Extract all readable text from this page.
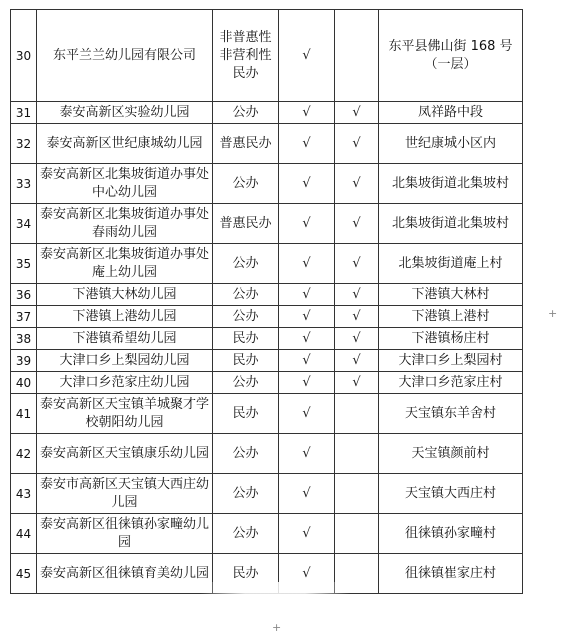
30	东平兰兰幼儿园有限公司	非普惠性非营利性民办	√		东平县佛山街 168 号（一层）
31	泰安高新区实验幼儿园	公办	√	√	凤祥路中段
32	泰安高新区世纪康城幼儿园	普惠民办	√	√	世纪康城小区内
33	泰安高新区北集坡街道办事处中心幼儿园	公办	√	√	北集坡街道北集坡村
34	泰安高新区北集坡街道办事处春雨幼儿园	普惠民办	√	√	北集坡街道北集坡村
35	泰安高新区北集坡街道办事处庵上幼儿园	公办	√	√	北集坡街道庵上村
36	下港镇大林幼儿园	公办	√	√	下港镇大林村
37	下港镇上港幼儿园	公办	√	√	下港镇上港村
38	下港镇希望幼儿园	民办	√	√	下港镇杨庄村
39	大津口乡上梨园幼儿园	民办	√	√	大津口乡上梨园村
40	大津口乡范家庄幼儿园	公办	√	√	大津口乡范家庄村
41	泰安高新区天宝镇羊城聚才学校朝阳幼儿园	民办	√		天宝镇东羊舍村
42	泰安高新区天宝镇康乐幼儿园	公办	√		天宝镇颜前村
43	泰安市高新区天宝镇大西庄幼儿园	公办	√		天宝镇大西庄村
44	泰安高新区徂徕镇孙家疃幼儿园	公办	√		徂徕镇孙家疃村
45	泰安高新区徂徕镇育美幼儿园	民办	√		徂徕镇崔家庄村
+
+
